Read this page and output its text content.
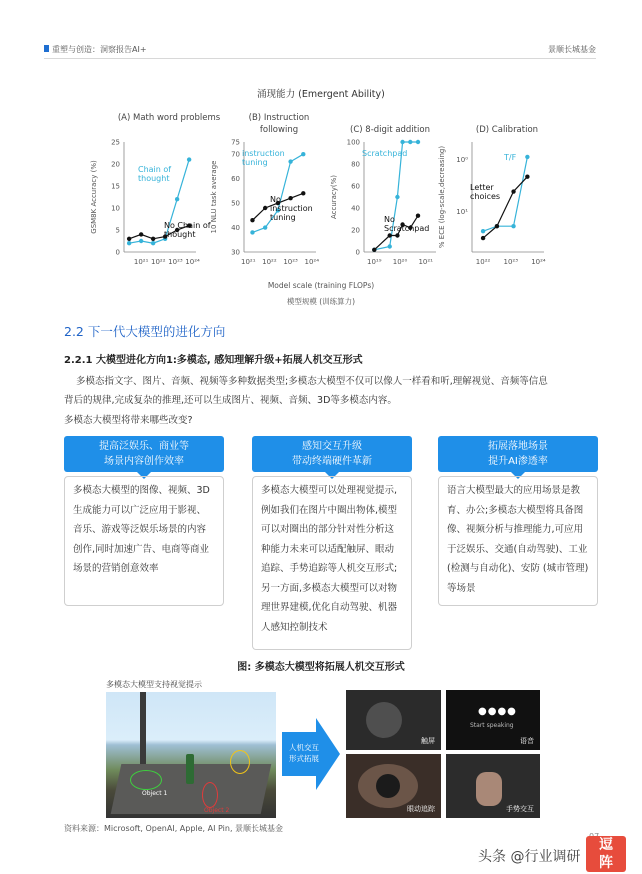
重塑与创造：洞察报告AI+	景顺长城基金
涌现能力 (Emergent Ability)
(A) Math word problems	(B) Instruction following	(C) 8-digit addition	(D) Calibration
0
5
10
15
20
25
10²¹ 10²² 10²³ 10²⁴
GSM8K Accuracy (%)	Chain of
thought
No Chain of
thought
30
40
50
60
70
75
10²¹ 10²² 10²³ 10²⁴
10 NLU task average
instruction
tuning
No
instruction
tuning
0
20
40
60
80
100
10¹⁹ 10²⁰ 10²¹
Accuracy(%)
Scratchpad
No
Scratchpad
10⁰
10¹
10²² 10²³ 10²⁴
% ECE (log-scale,decreasing)	T/F
Letter
choices
Model scale (training FLOPs)
模型规模 (训练算力)
2.2 下一代大模型的进化方向
2.2.1 大模型进化方向1:多模态, 感知理解升级+拓展人机交互形式
多模态指文字、图片、音频、视频等多种数据类型;多模态大模型不仅可以像人一样看和听,理解视觉、音频等信息
背后的规律,完成复杂的推理,还可以生成图片、视频、音频、3D等多模态内容。
多模态大模型将带来哪些改变?
提高泛娱乐、商业等
场景内容创作效率
感知交互升级
带动终端硬件革新
拓展落地场景
提升AI渗透率
多模态大模型的图像、视频、3D生成能力可以广泛应用于影视、音乐、游戏等泛娱乐场景的内容创作,同时加速广告、电商等商业场景的营销创意效率
多模态大模型可以处理视觉提示,例如我们在图片中圈出物体,模型可以对圈出的部分针对性分析这种能力未来可以适配触屏、眼动追踪、手势追踪等人机交互形式;另一方面,多模态大模型可以对物理世界建模,优化自动驾驶、机器人感知控制技术
语言大模型最大的应用场景是教育、办公;多模态大模型将具备图像、视频分析与推理能力,可应用于泛娱乐、交通(自动驾驶)、工业 (检测与自动化)、安防 (城市管理) 等场景
图: 多模态大模型将拓展人机交互形式
多模态大模型支持视觉提示
Object 1
Object 2
人机交互
形式拓展
触屏
●●●●
Start speaking
语音
眼动追踪	手势交互
资料来源：Microsoft, OpenAI, Apple, AI Pin, 景顺长城基金
头条 @行业调研
逗
阵
